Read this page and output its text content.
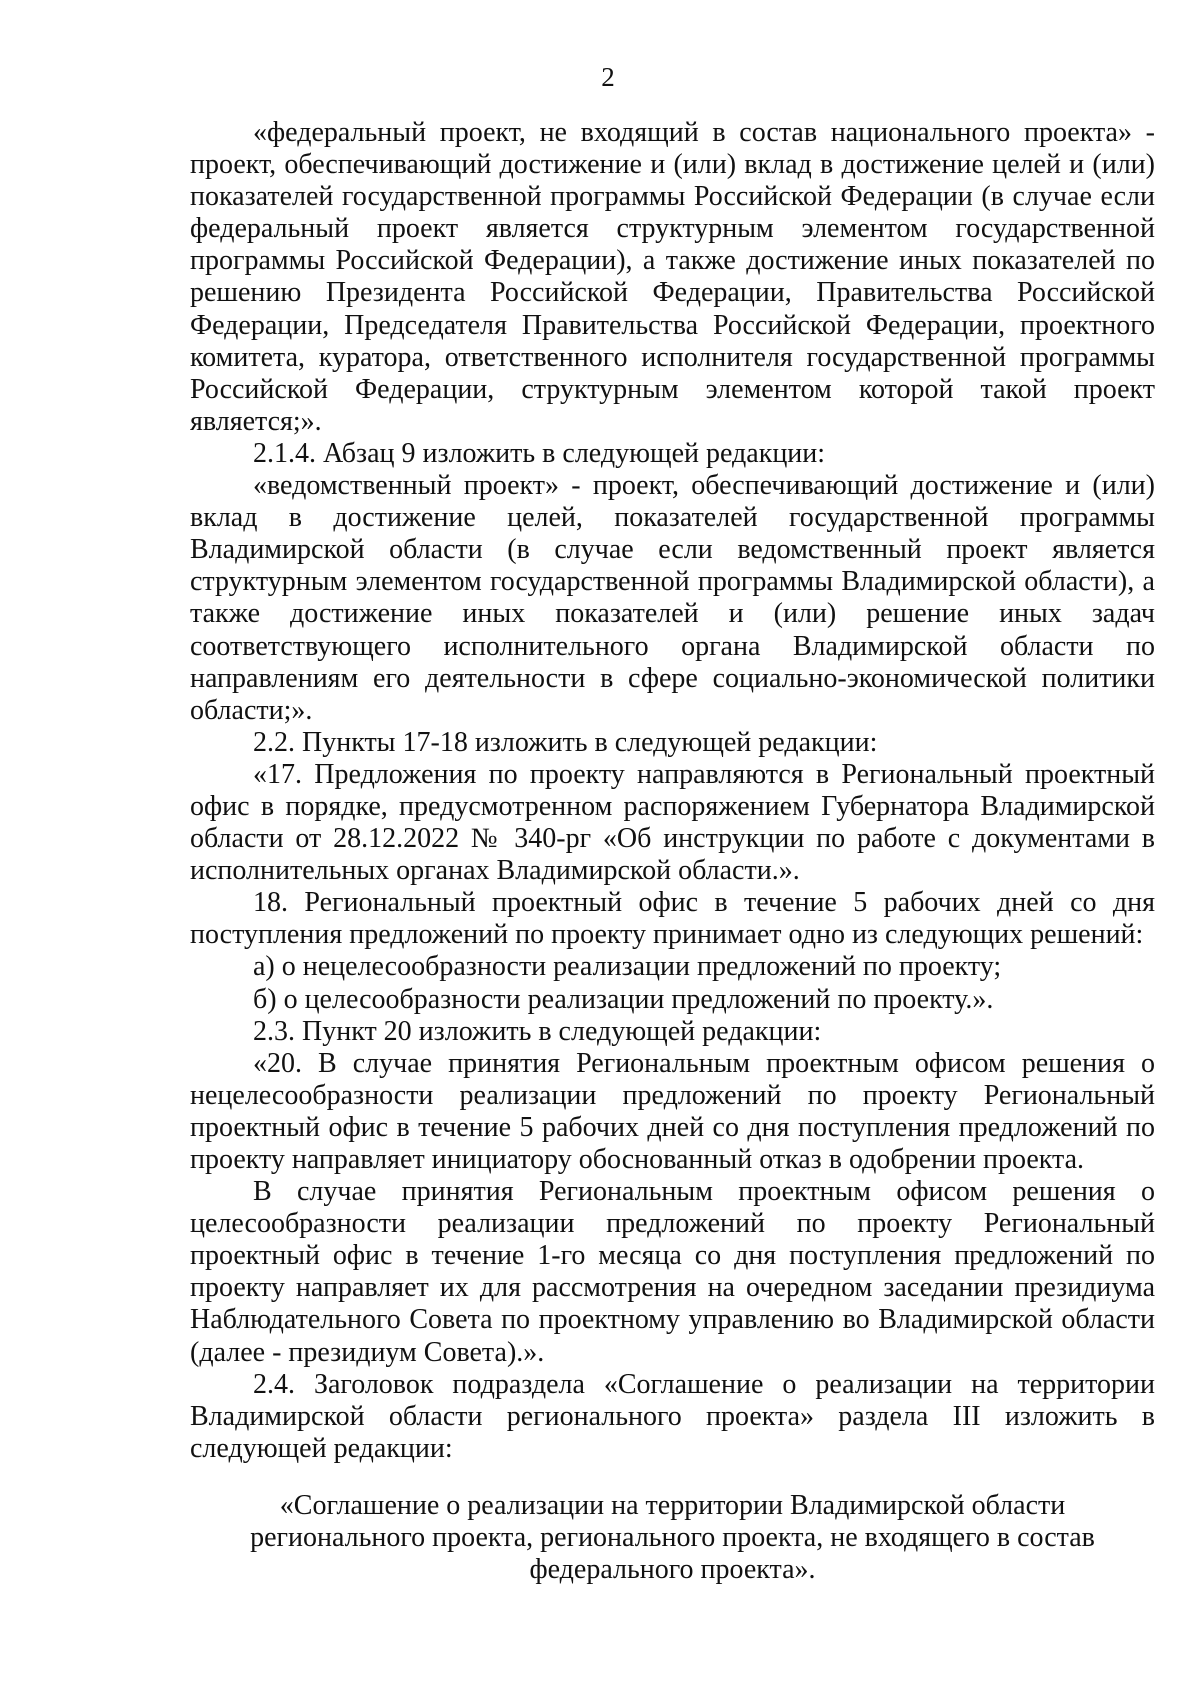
2

«федеральный проект, не входящий в состав национального проекта» - проект, обеспечивающий достижение и (или) вклад в достижение целей и (или) показателей государственной программы Российской Федерации (в случае если федеральный проект является структурным элементом государственной программы Российской Федерации), а также достижение иных показателей по решению Президента Российской Федерации, Правительства Российской Федерации, Председателя Правительства Российской Федерации, проектного комитета, куратора, ответственного исполнителя государственной программы Российской Федерации, структурным элементом которой такой проект является;».

2.1.4. Абзац 9 изложить в следующей редакции:

«ведомственный проект» - проект, обеспечивающий достижение и (или) вклад в достижение целей, показателей государственной программы Владимирской области (в случае если ведомственный проект является структурным элементом государственной программы Владимирской области), а также достижение иных показателей и (или) решение иных задач соответствующего исполнительного органа Владимирской области по направлениям его деятельности в сфере социально-экономической политики области;».

2.2. Пункты 17-18 изложить в следующей редакции:

«17. Предложения по проекту направляются в Региональный проектный офис в порядке, предусмотренном распоряжением Губернатора Владимирской области от 28.12.2022 № 340-рг «Об инструкции по работе с документами в исполнительных органах Владимирской области.».

18. Региональный проектный офис в течение 5 рабочих дней со дня поступления предложений по проекту принимает одно из следующих решений:

а) о нецелесообразности реализации предложений по проекту;

б) о целесообразности реализации предложений по проекту.».

2.3. Пункт 20 изложить в следующей редакции:

«20. В случае принятия Региональным проектным офисом решения о нецелесообразности реализации предложений по проекту Региональный проектный офис в течение 5 рабочих дней со дня поступления предложений по проекту направляет инициатору обоснованный отказ в одобрении проекта.

В случае принятия Региональным проектным офисом решения о целесообразности реализации предложений по проекту Региональный проектный офис в течение 1-го месяца со дня поступления предложений по проекту направляет их для рассмотрения на очередном заседании президиума Наблюдательного Совета по проектному управлению во Владимирской области (далее - президиум Совета).».

2.4. Заголовок подраздела «Соглашение о реализации на территории Владимирской области регионального проекта» раздела III изложить в следующей редакции:

«Соглашение о реализации на территории Владимирской области
регионального проекта, регионального проекта, не входящего в состав
федерального проекта».
